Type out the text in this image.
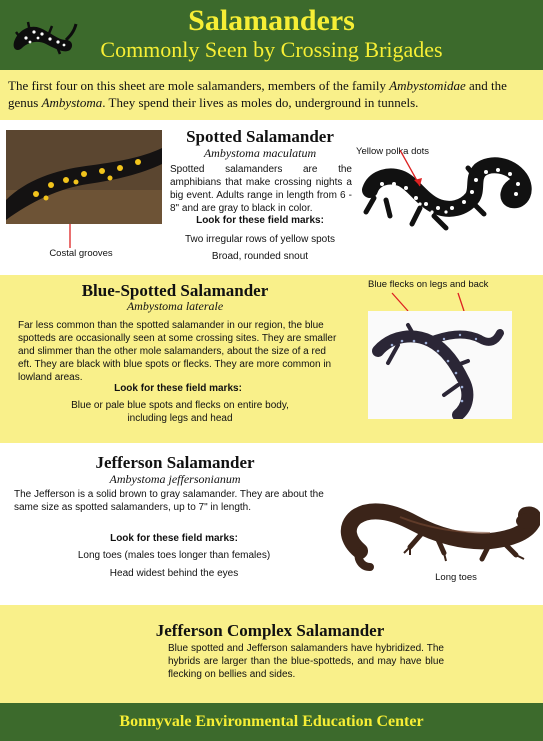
Salamanders
Commonly Seen by Crossing Brigades

The first four on this sheet are mole salamanders, members of the family Ambystomidae and the genus Ambystoma. They spend their lives as moles do, underground in tunnels.

Costal grooves
Spotted Salamander
Ambystoma maculatum
Spotted salamanders are the amphibians that make crossing nights a big event. Adults range in length from 6 - 8" and are gray to black in color.
Look for these field marks:
Two irregular rows of yellow spots
Broad, rounded snout
Yellow polka dots
Blue-Spotted Salamander
Ambystoma laterale
Far less common than the spotted salamander in our region, the blue spotteds are occasionally seen at some crossing sites. They are smaller and slimmer than the other mole salamanders, about the size of a red eft. They are black with blue spots or flecks. They are more common in lowland areas.
Look for these field marks:
Blue or pale blue spots and flecks on entire body, including legs and head
Blue flecks on legs and back
Jefferson Salamander
Ambystoma jeffersonianum
The Jefferson is a solid brown to gray salamander. They are about the same size as spotted salamanders, up to 7" in length.
Look for these field marks:
Long toes (males toes longer than females)
Head widest behind the eyes	Long toes
Jefferson Complex Salamander
Blue spotted and Jefferson salamanders have hybridized. The hybrids are larger than the blue-spotteds, and may have blue flecking on bellies and sides.
Bonnyvale Environmental Education Center
